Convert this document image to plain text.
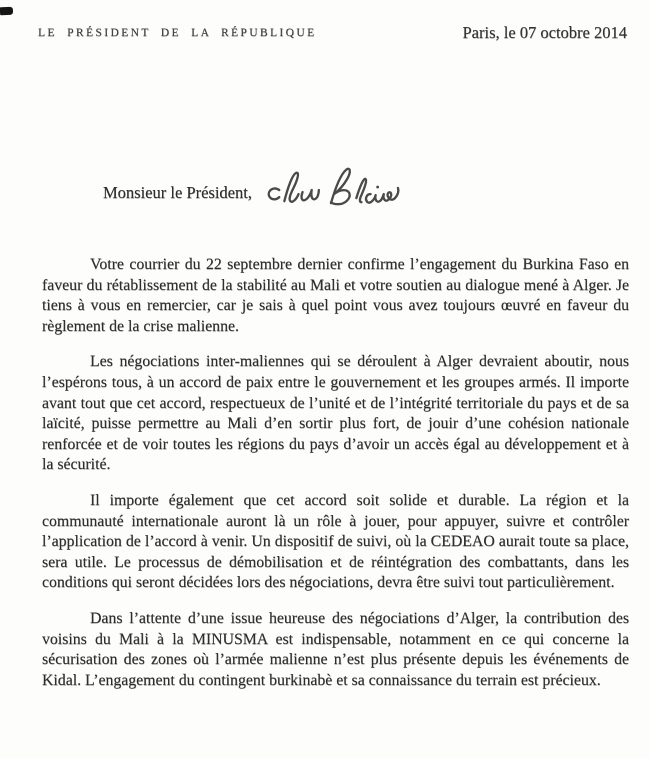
LE PRÉSIDENT DE LA RÉPUBLIQUE	Paris, le 07 octobre 2014
Monsieur le Président,

Votre courrier du 22 septembre dernier confirme l’engagement du Burkina Faso en faveur du rétablissement de la stabilité au Mali et votre soutien au dialogue mené à Alger. Je tiens à vous en remercier, car je sais à quel point vous avez toujours œuvré en faveur du règlement de la crise malienne.

Les négociations inter-maliennes qui se déroulent à Alger devraient aboutir, nous l’espérons tous, à un accord de paix entre le gouvernement et les groupes armés. Il importe avant tout que cet accord, respectueux de l’unité et de l’intégrité territoriale du pays et de sa laïcité, puisse permettre au Mali d’en sortir plus fort, de jouir d’une cohésion nationale renforcée et de voir toutes les régions du pays d’avoir un accès égal au développement et à la sécurité.

Il importe également que cet accord soit solide et durable. La région et la communauté internationale auront là un rôle à jouer, pour appuyer, suivre et contrôler l’application de l’accord à venir. Un dispositif de suivi, où la CEDEAO aurait toute sa place, sera utile. Le processus de démobilisation et de réintégration des combattants, dans les conditions qui seront décidées lors des négociations, devra être suivi tout particulièrement.

Dans l’attente d’une issue heureuse des négociations d’Alger, la contribution des voisins du Mali à la MINUSMA est indispensable, notamment en ce qui concerne la sécurisation des zones où l’armée malienne n’est plus présente depuis les événements de Kidal. L’engagement du contingent burkinabè et sa connaissance du terrain est précieux.
